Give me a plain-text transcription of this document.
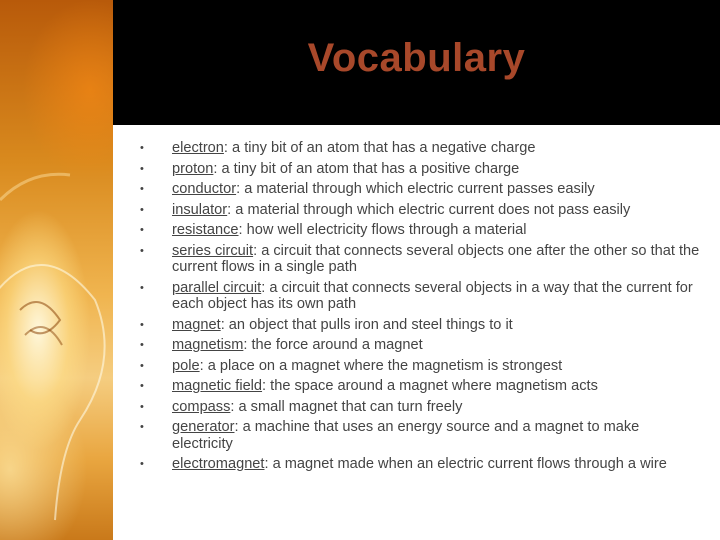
Vocabulary
• electron: a tiny bit of an atom that has a negative charge
• proton: a tiny bit of an atom that has a positive charge
• conductor: a material through which electric current passes easily
• insulator: a material through which electric current does not pass easily
• resistance: how well electricity flows through a material
• series circuit: a circuit that connects several objects one after the other so that the current flows in a single path
• parallel circuit: a circuit that connects several objects in a way that the current for each object has its own path
• magnet: an object that pulls iron and steel things to it
• magnetism: the force around a magnet
• pole: a place on a magnet where the magnetism is strongest
• magnetic field: the space around a magnet where magnetism acts
• compass: a small magnet that can turn freely
• generator: a machine that uses an energy source and a magnet to make electricity
• electromagnet: a magnet made when an electric current flows through a wire
